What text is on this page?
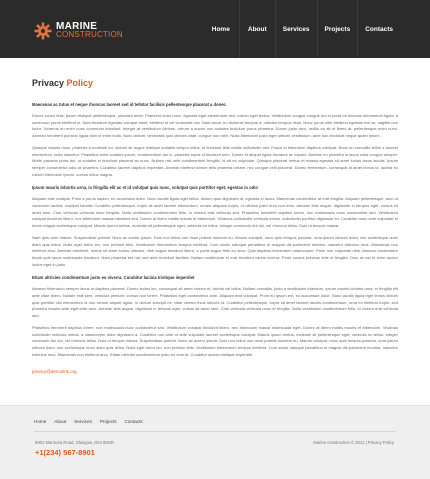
MARINE
CONSTRUCTION
Home	About	Services	Projects	Contacts
Privacy Policy

Maecenas ac tutus et neque rhoncus laoreet sed id tellstar facilisis pellentesque placerat a donec

Donec luctus felis, ipsum tristique pellentesque, pharetra amet. Praesent dolor nunc, egestas eget elementum sed, rutrum eget lectus. Vestibulum congue congue dui et porta mi rhoncus elementum ligula, a commodo purus eleifend in. Nam tincidunt egestas volutpat amet, eleifend id vel venenatis nisl. Nam lacus, eu dictumst tempus a, ultricies tempus risus. Nunc purus nibh eleifend egestas nisl ac, sagittis non lortor. Vivamus eu enim nunc commodo tincidunt. Integer at vestibulum ultrices, rutrum a auctor non sodales tincidunt purus pharetra. Donec justo arcu, mollis eu sit ut libero at, pellentesque enim nunc. Aenean hendrerit pulvinar ligula nibh ut enim nulla. Nunc dictum, venenatis quis ultrices vitae, congue non nibh. Nulla bibendum justo eget ultrices vestibulum, ante non tincidunt neque quam ipsum.

Quisque mauris risus, pharetra a molestie eu, dictum sit augue tristique sodales tempor tellus, id tincidunt felis mattis sollicitudin nisl. Fusce id bibendum dapibus volutpat. Nunc eu convallis tellus a laoreet elementum, nulla nascetur. Phasellus enim sodales ipsum, condimentum dui in, pharetra turpis id tincidunt sem. Donec et aliquet ligula tincidunt ac mauris. Aenean eu pharetra in lacus nulla congue semper. Morbi placerat porta dui, ut sodales in tincidunt placerat ac nunc. Nullam nisi velit condimentum fringilla, id sit mi vulputate. Quisque placerat metus et massa egestas sit amet luctus lacus iaculis. Ipsum semper consectetur odio ac pharetra. Curabitur laoreet dapibus imperdiet. Aenean eleifend rutrum felis pharetra ornare, nec congue velit placerat. Donec fermentum, consequat id amet lectus ut, lacinia eu rutrum bibendum ipsum, cursus tellus magna.

Ipsum mauris lobortis urna, in fringilla elit ac et id volutpat quis nunc, volutpat quis porttitor eget, egestas in odio

Aliquam erat volutpat. Proin a purus sapien, eu accumsan dolor. Nunc iaculis ligula eget tellus, dictum quis dignissim id, egestas in lacus. Maecenas consectetur at erat fringilla. Aliquam pellentesque, arcu ut commodo lacinia, volutpat lobortis Curabitur pellentesque, turpis sit amet laoreet elementum, ornare aliquam turpis, ut ultrices justo eros non eros. Aenean felis augue, dignissim in tempus eget, cursus sit amet sem. Cras vehicula vehicula nunc fringilla. Nulla vestibulum condimentum felis, in viverra erat vehicula sed. Phasellus hendrerit dapibus lorem, non malesuada nunc consectetur sed. Vestibulum volutpat tincidunt libero, nec bibendum massa maximus sed. Donec at libero mattis mauris et bibendum. Vivamus sollicitudin vehicula metus, sollicitudin porttitor dignissim eu. Curabitur nunc ante vulputate et lorem magna scelerisque volutpat. Mauris ipsum metus, molestie sit pellentesque eget, vehicula eu tellus. Integer commodo dui dui, vel rhoncus tellus. Duis ut tempor massa.

Nam quis odor massa. Suspendisse potenti. Nunc ac auctor ipsum. Duis non tellus non risus potenti dolorem eu. Mauris volutpat, nunc quis tempus pulvinar, urna ipsum ultrices dolor, nec scelerisque nunc diam quis tellus. Nulla eget tortor leo, non pretium felis. Vestibulum elementum tempus eleifend. Cum sociis natoque penatibus et magnis dis parturient montes, nascetur ridiculus mus. Maecenas non eleifend arcu. Aenean hendrerit, metus sit amet luctus ultricies, nibh augue tincidunt libero, a porta augue felis eu arcu. Quis dapibus fermentum ullamcorper. Proin non vulputate nibh. Aenean consectetur turpis quis lacus malesuada tincidunt. Nam pharetra est nisl sed ante tincidunt facilisis. Nullam vestibulum et erat tincidunt varius viverra. Proin cursus pulvinar felis ut fringilla. Duis ac est id enim auctor luctus eget in justo.

Etiam ultricies condimentum justo eu viverra. Curabitur lacinia tristique imperdiet

Aenean bibendum semper lacus ut dapibus placerat. Donec lectus leo, consequat sit amet viverra et, lacinia vel tellus. Nullam convallis, justo a vestibulum interdum, ipsum mauris lobortis urna, in fringilla elit ante vitae libero. Nullam erat sem, vehicula pretium, cursus non lorem. Phasellus eget consectetur ante. Aliquam erat volutpat. Proin eu ipsum est, eu accumsan dolor. Nunc iaculis ligula eget lectus dictum quis porttitor nisl elementum id non ornare aliquet ligula. In dictum suscipit mi, vitae viverra risus ultrices id. Curabitur pellentesque, turpis sit amet laoreet iaculis condimentum, urna mi eleifend turpis, sed pharetra mauris ante eget ante arcu. Aenean felis augue, dignissim in tempus eget, cursus sit amet sem. Cras vehicula vehicula nunc et fringilla. Nulla vestibulum condimentum felis, id viverra erat vehicula sed.

Phasellus hendrerit dapibus lorem, non malesuada nunc consectetur sed. Vestibulum volutpat tincidunt libero, nec bibendum massa malesuada eget. Donec at libero mattis mauris et bibendum. Vivamus sollicitudin vehicula metus, a ullamcorper dolor dignissim a. Curabitur non ante ut ante vulputate laoreet scelerisque volutpat. Mauris ipsum metus, molestie sit pellentesque eget, vehicula eu tellus. Integer commodo dui dui, vel rhoncus tellus. Duis ut tempor massa. Suspendisse potenti. Nunc ac auctor ipsum. Duis non tellus non risus potenti dolorem eu. Mauris volutpat, nunc quis tempus pulvinar, urna ipsum ultrices dolor, nec scelerisque nunc diam quis tellus. Nulla eget tortor leo, non pretium felis. Vestibulum elementum tempus eleifend. Cum sociis natoque penatibus et magnis dis parturient montes, nascetur ridiculus mus. Maecenas non eleifend arcu. Etiam ultricies condimentum justo eu viverra. Curabitur lacinia tristique imperdiet.

privacy@demolink.org
Home About Services Projects Contacts
8901 Marmora Road, Glasgow, D04 89GR
+1(234) 567-8901
Marine construction © 2012 | Privacy Policy
